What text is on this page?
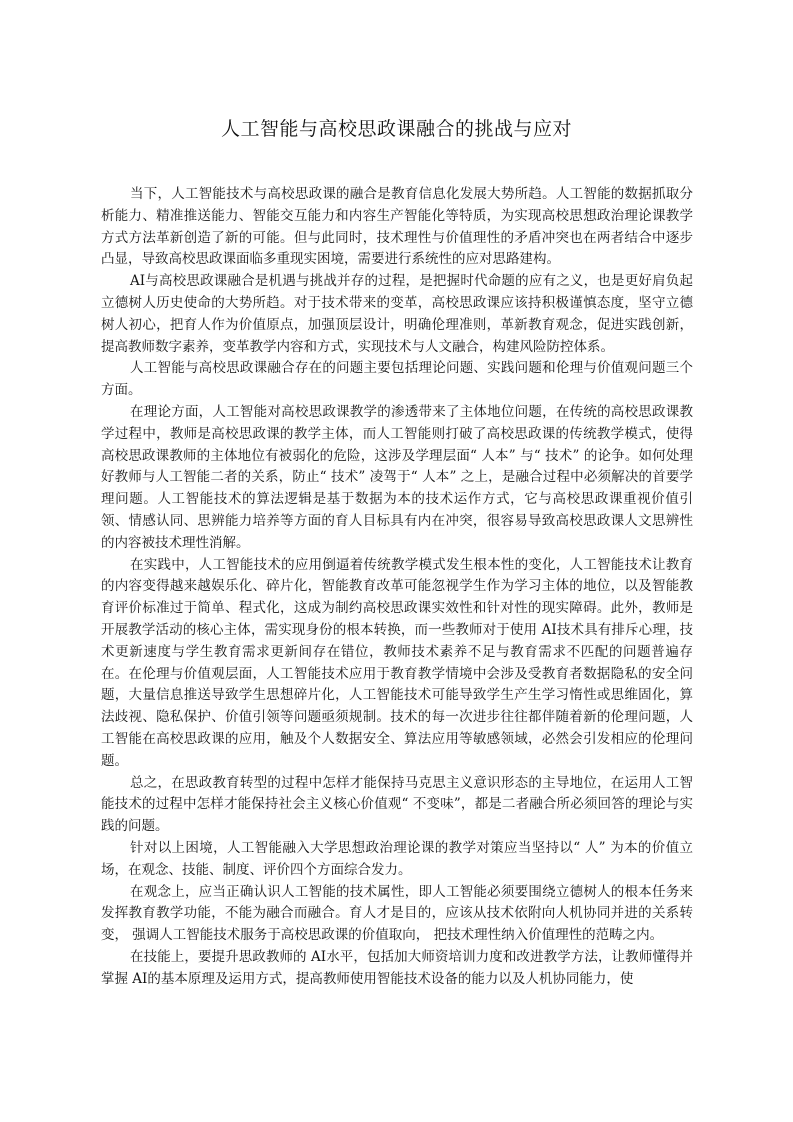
人工智能与高校思政课融合的挑战与应对

当下，人工智能技术与高校思政课的融合是教育信息化发展大势所趋。人工智能的数据抓取分析能力、精准推送能力、智能交互能力和内容生产智能化等特质，为实现高校思想政治理论课教学方式方法革新创造了新的可能。但与此同时，技术理性与价值理性的矛盾冲突也在两者结合中逐步凸显，导致高校思政课面临多重现实困境，需要进行系统性的应对思路建构。

AI与高校思政课融合是机遇与挑战并存的过程，是把握时代命题的应有之义，也是更好肩负起立德树人历史使命的大势所趋。对于技术带来的变革，高校思政课应该持积极谨慎态度，坚守立德树人初心，把育人作为价值原点，加强顶层设计，明确伦理准则，革新教育观念，促进实践创新，提高教师数字素养，变革教学内容和方式，实现技术与人文融合，构建风险防控体系。

人工智能与高校思政课融合存在的问题主要包括理论问题、实践问题和伦理与价值观问题三个方面。

在理论方面，人工智能对高校思政课教学的渗透带来了主体地位问题，在传统的高校思政课教学过程中，教师是高校思政课的教学主体，而人工智能则打破了高校思政课的传统教学模式，使得高校思政课教师的主体地位有被弱化的危险，这涉及学理层面“ 人本” 与“ 技术” 的论争。如何处理好教师与人工智能二者的关系，防止“ 技术” 凌驾于“ 人本” 之上，是融合过程中必须解决的首要学理问题。人工智能技术的算法逻辑是基于数据为本的技术运作方式，它与高校思政课重视价值引领、情感认同、思辨能力培养等方面的育人目标具有内在冲突，很容易导致高校思政课人文思辨性的内容被技术理性消解。

在实践中，人工智能技术的应用倒逼着传统教学模式发生根本性的变化，人工智能技术让教育的内容变得越来越娱乐化、碎片化，智能教育改革可能忽视学生作为学习主体的地位，以及智能教育评价标准过于简单、程式化，这成为制约高校思政课实效性和针对性的现实障碍。此外，教师是开展教学活动的核心主体，需实现身份的根本转换，而一些教师对于使用 AI技术具有排斥心理，技术更新速度与学生教育需求更新间存在错位，教师技术素养不足与教育需求不匹配的问题普遍存在。在伦理与价值观层面，人工智能技术应用于教育教学情境中会涉及受教育者数据隐私的安全问题，大量信息推送导致学生思想碎片化，人工智能技术可能导致学生产生学习惰性或思维固化，算法歧视、隐私保护、价值引领等问题亟须规制。技术的每一次进步往往都伴随着新的伦理问题，人工智能在高校思政课的应用，触及个人数据安全、算法应用等敏感领域，必然会引发相应的伦理问题。

总之，在思政教育转型的过程中怎样才能保持马克思主义意识形态的主导地位，在运用人工智能技术的过程中怎样才能保持社会主义核心价值观“ 不变味”，都是二者融合所必须回答的理论与实践的问题。

针对以上困境，人工智能融入大学思想政治理论课的教学对策应当坚持以“ 人” 为本的价值立场，在观念、技能、制度、评价四个方面综合发力。

在观念上，应当正确认识人工智能的技术属性，即人工智能必须要围绕立德树人的根本任务来发挥教育教学功能，不能为融合而融合。育人才是目的，应该从技术依附向人机协同并进的关系转变， 强调人工智能技术服务于高校思政课的价值取向， 把技术理性纳入价值理性的范畴之内。

在技能上，要提升思政教师的 AI水平，包括加大师资培训力度和改进教学方法，让教师懂得并掌握 AI的基本原理及运用方式，提高教师使用智能技术设备的能力以及人机协同能力，使
